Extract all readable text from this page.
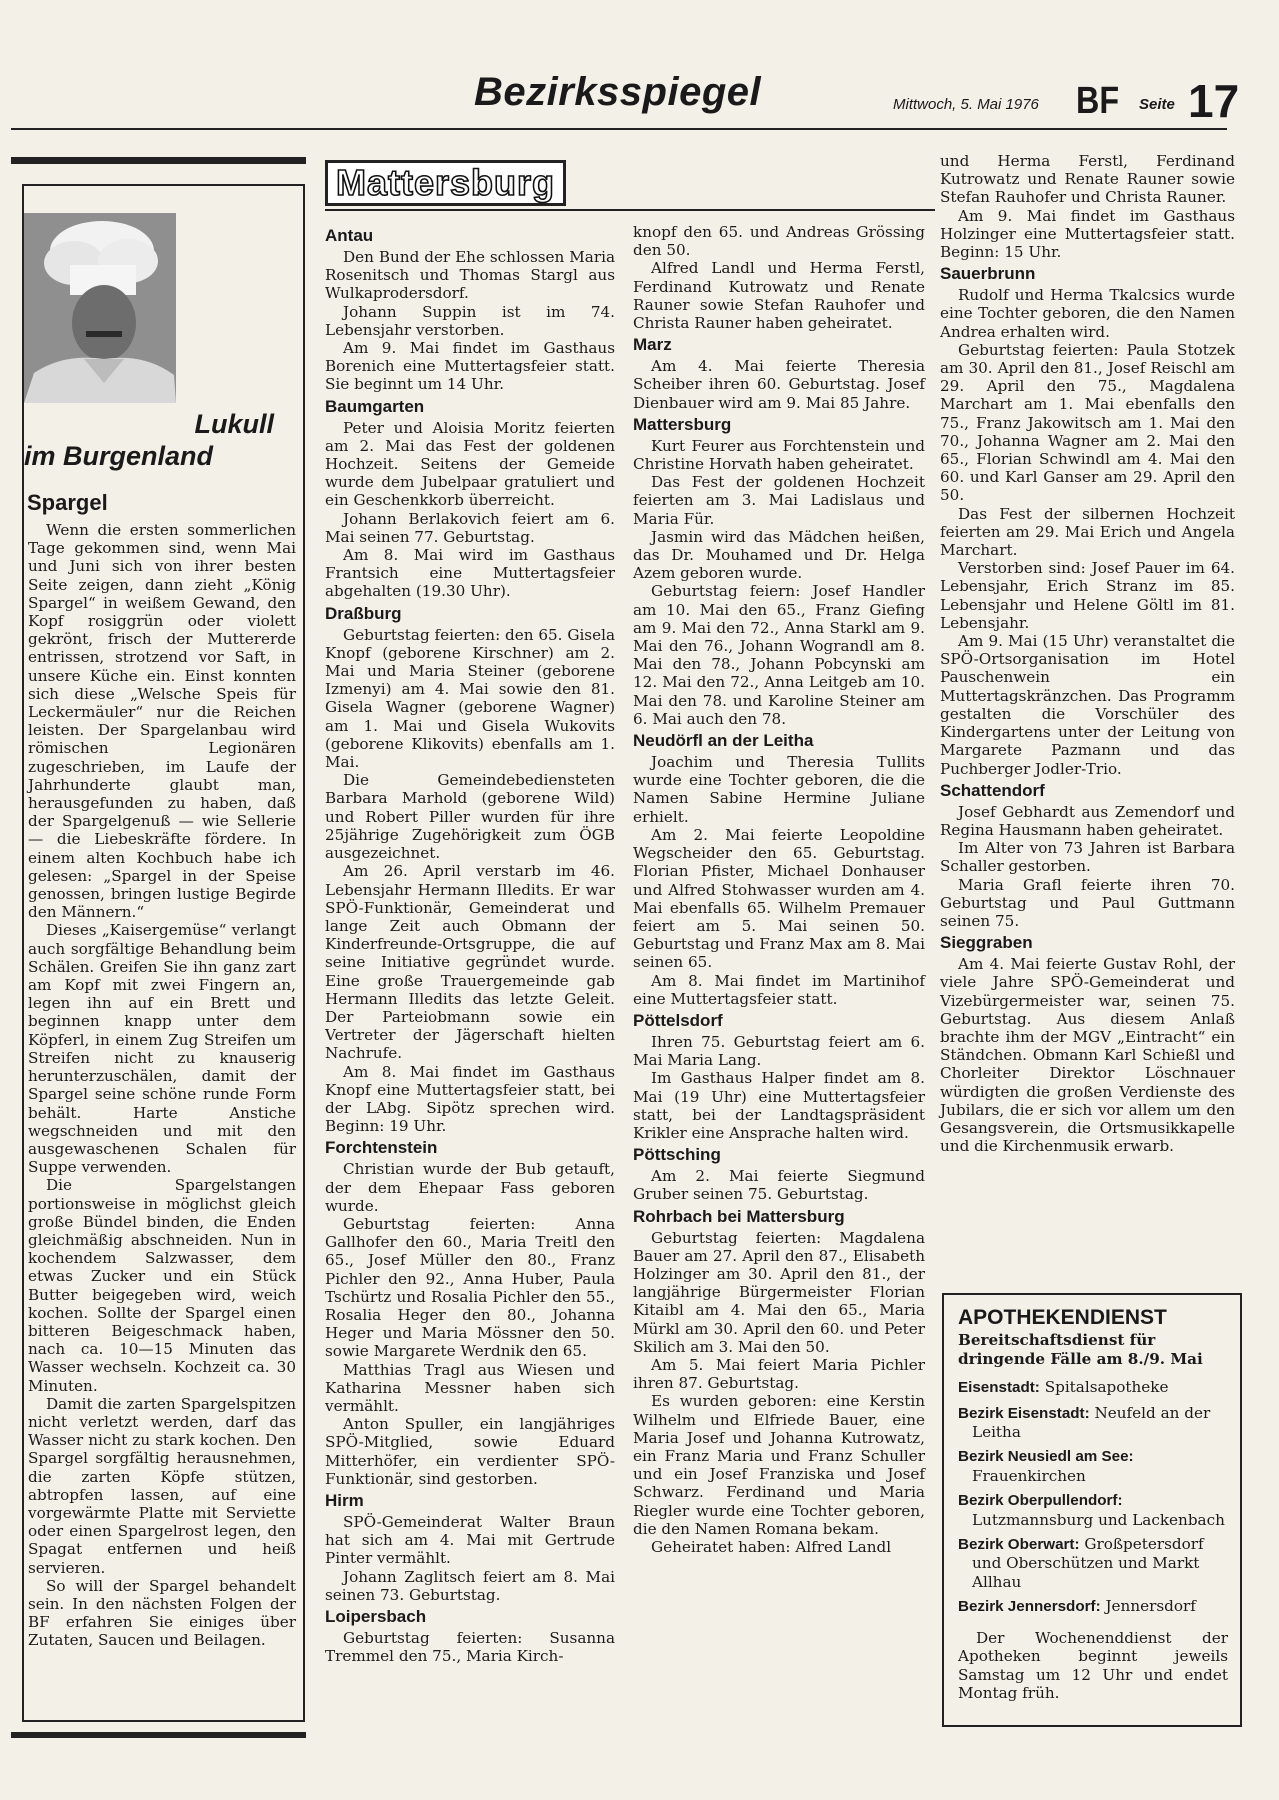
Bezirksspiegel	Mittwoch, 5. Mai 1976 BF Seite 17
Lukull
im Burgenland
Spargel

Wenn die ersten sommerlichen Tage gekommen sind, wenn Mai und Juni sich von ihrer besten Seite zeigen, dann zieht „König Spargel“ in weißem Gewand, den Kopf rosiggrün oder violett gekrönt, frisch der Muttererde entrissen, strotzend vor Saft, in unsere Küche ein. Einst konnten sich diese „Welsche Speis für Leckermäuler“ nur die Reichen leisten. Der Spargelanbau wird römischen Legionären zugeschrieben, im Laufe der Jahrhunderte glaubt man, herausgefunden zu haben, daß der Spargelgenuß — wie Sellerie — die Liebeskräfte fördere. In einem alten Kochbuch habe ich gelesen: „Spargel in der Speise genossen, bringen lustige Begirde den Männern.“

Dieses „Kaisergemüse“ verlangt auch sorgfältige Behandlung beim Schälen. Greifen Sie ihn ganz zart am Kopf mit zwei Fingern an, legen ihn auf ein Brett und beginnen knapp unter dem Köpferl, in einem Zug Streifen um Streifen nicht zu knauserig herunterzuschälen, damit der Spargel seine schöne runde Form behält. Harte Anstiche wegschneiden und mit den ausgewaschenen Schalen für Suppe verwenden.

Die Spargelstangen portionsweise in möglichst gleich große Bündel binden, die Enden gleichmäßig abschneiden. Nun in kochendem Salzwasser, dem etwas Zucker und ein Stück Butter beigegeben wird, weich kochen. Sollte der Spargel einen bitteren Beigeschmack haben, nach ca. 10—15 Minuten das Wasser wechseln. Kochzeit ca. 30 Minuten.

Damit die zarten Spargelspitzen nicht verletzt werden, darf das Wasser nicht zu stark kochen. Den Spargel sorgfältig herausnehmen, die zarten Köpfe stützen, abtropfen lassen, auf eine vorgewärmte Platte mit Serviette oder einen Spargelrost legen, den Spagat entfernen und heiß servieren.

So will der Spargel behandelt sein. In den nächsten Folgen der BF erfahren Sie einiges über Zutaten, Saucen und Beilagen.

Mattersburg
Antau

Den Bund der Ehe schlossen Maria Rosenitsch und Thomas Stargl aus Wulkaprodersdorf.

Johann Suppin ist im 74. Lebensjahr verstorben.

Am 9. Mai findet im Gasthaus Borenich eine Muttertagsfeier statt. Sie beginnt um 14 Uhr.

Baumgarten

Peter und Aloisia Moritz feierten am 2. Mai das Fest der goldenen Hochzeit. Seitens der Gemeide wurde dem Jubelpaar gratuliert und ein Geschenkkorb überreicht.

Johann Berlakovich feiert am 6. Mai seinen 77. Geburtstag.

Am 8. Mai wird im Gasthaus Frantsich eine Muttertagsfeier abgehalten (19.30 Uhr).

Draßburg

Geburtstag feierten: den 65. Gisela Knopf (geborene Kirschner) am 2. Mai und Maria Steiner (geborene Izmenyi) am 4. Mai sowie den 81. Gisela Wagner (geborene Wagner) am 1. Mai und Gisela Wukovits (geborene Klikovits) ebenfalls am 1. Mai.

Die Gemeindebediensteten Barbara Marhold (geborene Wild) und Robert Piller wurden für ihre 25jährige Zugehörigkeit zum ÖGB ausgezeichnet.

Am 26. April verstarb im 46. Lebensjahr Hermann Illedits. Er war SPÖ-Funktionär, Gemeinderat und lange Zeit auch Obmann der Kinderfreunde-Ortsgruppe, die auf seine Initiative gegründet wurde. Eine große Trauergemeinde gab Hermann Illedits das letzte Geleit. Der Parteiobmann sowie ein Vertreter der Jägerschaft hielten Nachrufe.

Am 8. Mai findet im Gasthaus Knopf eine Muttertagsfeier statt, bei der LAbg. Sipötz sprechen wird. Beginn: 19 Uhr.

Forchtenstein

Christian wurde der Bub getauft, der dem Ehepaar Fass geboren wurde.

Geburtstag feierten: Anna Gallhofer den 60., Maria Treitl den 65., Josef Müller den 80., Franz Pichler den 92., Anna Huber, Paula Tschürtz und Rosalia Pichler den 55., Rosalia Heger den 80., Johanna Heger und Maria Mössner den 50. sowie Margarete Werdnik den 65.

Matthias Tragl aus Wiesen und Katharina Messner haben sich vermählt.

Anton Spuller, ein langjähriges SPÖ-Mitglied, sowie Eduard Mitterhöfer, ein verdienter SPÖ-Funktionär, sind gestorben.

Hirm

SPÖ-Gemeinderat Walter Braun hat sich am 4. Mai mit Gertrude Pinter vermählt.

Johann Zaglitsch feiert am 8. Mai seinen 73. Geburtstag.

Loipersbach

Geburtstag feierten: Susanna Tremmel den 75., Maria Kirch-

knopf den 65. und Andreas Grössing den 50.

Alfred Landl und Herma Ferstl, Ferdinand Kutrowatz und Renate Rauner sowie Stefan Rauhofer und Christa Rauner haben geheiratet.

Marz

Am 4. Mai feierte Theresia Scheiber ihren 60. Geburtstag. Josef Dienbauer wird am 9. Mai 85 Jahre.

Mattersburg

Kurt Feurer aus Forchtenstein und Christine Horvath haben geheiratet.

Das Fest der goldenen Hochzeit feierten am 3. Mai Ladislaus und Maria Für.

Jasmin wird das Mädchen heißen, das Dr. Mouhamed und Dr. Helga Azem geboren wurde.

Geburtstag feiern: Josef Handler am 10. Mai den 65., Franz Giefing am 9. Mai den 72., Anna Starkl am 9. Mai den 76., Johann Wograndl am 8. Mai den 78., Johann Pobcynski am 12. Mai den 72., Anna Leitgeb am 10. Mai den 78. und Karoline Steiner am 6. Mai auch den 78.

Neudörfl an der Leitha

Joachim und Theresia Tullits wurde eine Tochter geboren, die die Namen Sabine Hermine Juliane erhielt.

Am 2. Mai feierte Leopoldine Wegscheider den 65. Geburtstag. Florian Pfister, Michael Donhauser und Alfred Stohwasser wurden am 4. Mai ebenfalls 65. Wilhelm Premauer feiert am 5. Mai seinen 50. Geburtstag und Franz Max am 8. Mai seinen 65.

Am 8. Mai findet im Martinihof eine Muttertagsfeier statt.

Pöttelsdorf

Ihren 75. Geburtstag feiert am 6. Mai Maria Lang.

Im Gasthaus Halper findet am 8. Mai (19 Uhr) eine Muttertagsfeier statt, bei der Landtagspräsident Krikler eine Ansprache halten wird.

Pöttsching

Am 2. Mai feierte Siegmund Gruber seinen 75. Geburtstag.

Rohrbach bei Mattersburg

Geburtstag feierten: Magdalena Bauer am 27. April den 87., Elisabeth Holzinger am 30. April den 81., der langjährige Bürgermeister Florian Kitaibl am 4. Mai den 65., Maria Mürkl am 30. April den 60. und Peter Skilich am 3. Mai den 50.

Am 5. Mai feiert Maria Pichler ihren 87. Geburtstag.

Es wurden geboren: eine Kerstin Wilhelm und Elfriede Bauer, eine Maria Josef und Johanna Kutrowatz, ein Franz Maria und Franz Schuller und ein Josef Franziska und Josef Schwarz. Ferdinand und Maria Riegler wurde eine Tochter geboren, die den Namen Romana bekam.

Geheiratet haben: Alfred Landl

und Herma Ferstl, Ferdinand Kutrowatz und Renate Rauner sowie Stefan Rauhofer und Christa Rauner.

Am 9. Mai findet im Gasthaus Holzinger eine Muttertagsfeier statt. Beginn: 15 Uhr.

Sauerbrunn

Rudolf und Herma Tkalcsics wurde eine Tochter geboren, die den Namen Andrea erhalten wird.

Geburtstag feierten: Paula Stotzek am 30. April den 81., Josef Reischl am 29. April den 75., Magdalena Marchart am 1. Mai ebenfalls den 75., Franz Jakowitsch am 1. Mai den 70., Johanna Wagner am 2. Mai den 65., Florian Schwindl am 4. Mai den 60. und Karl Ganser am 29. April den 50.

Das Fest der silbernen Hochzeit feierten am 29. Mai Erich und Angela Marchart.

Verstorben sind: Josef Pauer im 64. Lebensjahr, Erich Stranz im 85. Lebensjahr und Helene Göltl im 81. Lebensjahr.

Am 9. Mai (15 Uhr) veranstaltet die SPÖ-Ortsorganisation im Hotel Pauschenwein ein Muttertagskränzchen. Das Programm gestalten die Vorschüler des Kindergartens unter der Leitung von Margarete Pazmann und das Puchberger Jodler-Trio.

Schattendorf

Josef Gebhardt aus Zemendorf und Regina Hausmann haben geheiratet.

Im Alter von 73 Jahren ist Barbara Schaller gestorben.

Maria Grafl feierte ihren 70. Geburtstag und Paul Guttmann seinen 75.

Sieggraben

Am 4. Mai feierte Gustav Rohl, der viele Jahre SPÖ-Gemeinderat und Vizebürgermeister war, seinen 75. Geburtstag. Aus diesem Anlaß brachte ihm der MGV „Eintracht“ ein Ständchen. Obmann Karl Schießl und Chorleiter Direktor Löschnauer würdigten die großen Verdienste des Jubilars, die er sich vor allem um den Gesangsverein, die Ortsmusikkapelle und die Kirchenmusik erwarb.

APOTHEKENDIENST
Bereitschaftsdienst für dringende Fälle am 8./9. Mai
Eisenstadt: Spitalsapotheke
Bezirk Eisenstadt: Neufeld an der Leitha
Bezirk Neusiedl am See: Frauenkirchen
Bezirk Oberpullendorf: Lutzmannsburg und Lackenbach
Bezirk Oberwart: Großpetersdorf und Oberschützen und Markt Allhau
Bezirk Jennersdorf: Jennersdorf
Der Wochenenddienst der Apotheken beginnt jeweils Samstag um 12 Uhr und endet Montag früh.
